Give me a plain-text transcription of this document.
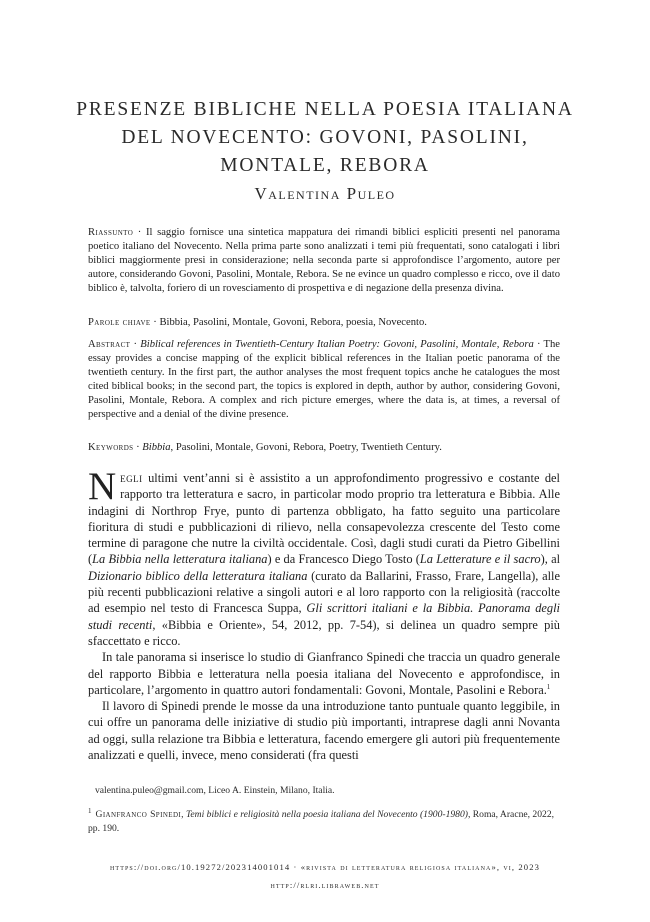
PRESENZE BIBLICHE NELLA POESIA ITALIANA
DEL NOVECENTO: GOVONI, PASOLINI,
MONTALE, REBORA
Valentina Puleo
Riassunto · Il saggio fornisce una sintetica mappatura dei rimandi biblici espliciti presenti nel panorama poetico italiano del Novecento. Nella prima parte sono analizzati i temi più frequentati, sono catalogati i libri biblici maggiormente presi in considerazione; nella seconda parte si approfondisce l’argomento, autore per autore, considerando Govoni, Pasolini, Montale, Rebora. Se ne evince un quadro complesso e ricco, ove il dato biblico è, talvolta, foriero di un rovesciamento di prospettiva e di negazione della presenza divina.
Parole chiave · Bibbia, Pasolini, Montale, Govoni, Rebora, poesia, Novecento.
Abstract · Biblical references in Twentieth-Century Italian Poetry: Govoni, Pasolini, Montale, Rebora · The essay provides a concise mapping of the explicit biblical references in the Italian poetic panorama of the twentieth century. In the first part, the author analyses the most frequent topics anche he catalogues the most cited biblical books; in the second part, the topics is explored in depth, author by author, considering Govoni, Pasolini, Montale, Rebora. A complex and rich picture emerges, where the data is, at times, a reversal of perspective and a denial of the divine presence.
Keywords · Bibbia, Pasolini, Montale, Govoni, Rebora, Poetry, Twentieth Century.

Negli ultimi vent’anni si è assistito a un approfondimento progressivo e costante del rapporto tra letteratura e sacro, in particolar modo proprio tra letteratura e Bibbia. Alle indagini di Northrop Frye, punto di partenza obbligato, ha fatto seguito una particolare fioritura di studi e pubblicazioni di rilievo, nella consapevolezza crescente del Testo come termine di paragone che nutre la civiltà occidentale. Così, dagli studi curati da Pietro Gibellini (La Bibbia nella letteratura italiana) e da Francesco Diego Tosto (La Letterature e il sacro), al Dizionario biblico della letteratura italiana (curato da Ballarini, Frasso, Frare, Langella), alle più recenti pubblicazioni relative a singoli autori e al loro rapporto con la religiosità (raccolte ad esempio nel testo di Francesca Suppa, Gli scrittori italiani e la Bibbia. Panorama degli studi recenti, «Bibbia e Oriente», 54, 2012, pp. 7-54), si delinea un quadro sempre più sfaccettato e ricco.

In tale panorama si inserisce lo studio di Gianfranco Spinedi che traccia un quadro generale del rapporto Bibbia e letteratura nella poesia italiana del Novecento e approfondisce, in particolare, l’argomento in quattro autori fondamentali: Govoni, Montale, Pasolini e Rebora.$^1$

Il lavoro di Spinedi prende le mosse da una introduzione tanto puntuale quanto leggibile, in cui offre un panorama delle iniziative di studio più importanti, intraprese dagli anni Novanta ad oggi, sulla relazione tra Bibbia e letteratura, facendo emergere gli autori più frequentemente analizzati e quelli, invece, meno considerati (fra questi

valentina.puleo@gmail.com, Liceo A. Einstein, Milano, Italia.
$^1$ Gianfranco Spinedi, Temi biblici e religiosità nella poesia italiana del Novecento (1900-1980), Roma, Aracne, 2022, pp. 190.
https://doi.org/10.19272/202314001014 · «rivista di letteratura religiosa italiana», vi, 2023
http://rlri.libraweb.net
